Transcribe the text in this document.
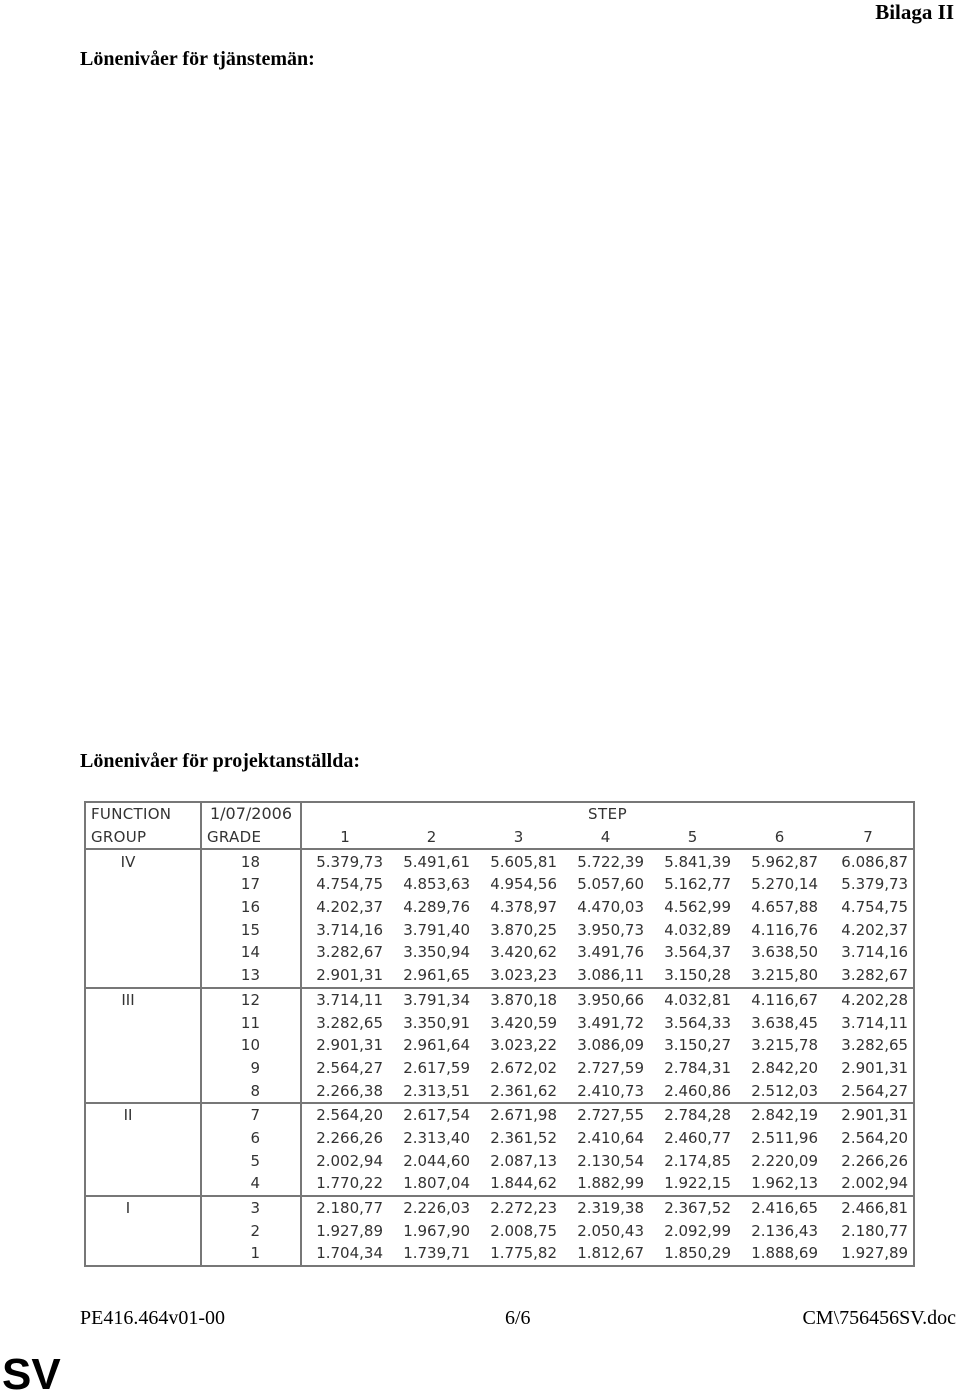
Bilaga II
Lönenivåer för tjänstemän:
Lönenivåer för projektanställda:
FUNCTION	1/07/2006	STEP						
GROUP	GRADE	1	2	3	4	5	6	7
IV	18	5.379,73	5.491,61	5.605,81	5.722,39	5.841,39	5.962,87	6.086,87
	17	4.754,75	4.853,63	4.954,56	5.057,60	5.162,77	5.270,14	5.379,73
	16	4.202,37	4.289,76	4.378,97	4.470,03	4.562,99	4.657,88	4.754,75
	15	3.714,16	3.791,40	3.870,25	3.950,73	4.032,89	4.116,76	4.202,37
	14	3.282,67	3.350,94	3.420,62	3.491,76	3.564,37	3.638,50	3.714,16
	13	2.901,31	2.961,65	3.023,23	3.086,11	3.150,28	3.215,80	3.282,67
III	12	3.714,11	3.791,34	3.870,18	3.950,66	4.032,81	4.116,67	4.202,28
	11	3.282,65	3.350,91	3.420,59	3.491,72	3.564,33	3.638,45	3.714,11
	10	2.901,31	2.961,64	3.023,22	3.086,09	3.150,27	3.215,78	3.282,65
	9	2.564,27	2.617,59	2.672,02	2.727,59	2.784,31	2.842,20	2.901,31
	8	2.266,38	2.313,51	2.361,62	2.410,73	2.460,86	2.512,03	2.564,27
II	7	2.564,20	2.617,54	2.671,98	2.727,55	2.784,28	2.842,19	2.901,31
	6	2.266,26	2.313,40	2.361,52	2.410,64	2.460,77	2.511,96	2.564,20
	5	2.002,94	2.044,60	2.087,13	2.130,54	2.174,85	2.220,09	2.266,26
	4	1.770,22	1.807,04	1.844,62	1.882,99	1.922,15	1.962,13	2.002,94
I	3	2.180,77	2.226,03	2.272,23	2.319,38	2.367,52	2.416,65	2.466,81
	2	1.927,89	1.967,90	2.008,75	2.050,43	2.092,99	2.136,43	2.180,77
	1	1.704,34	1.739,71	1.775,82	1.812,67	1.850,29	1.888,69	1.927,89
PE416.464v01-00	6/6	CM\756456SV.doc
SV
